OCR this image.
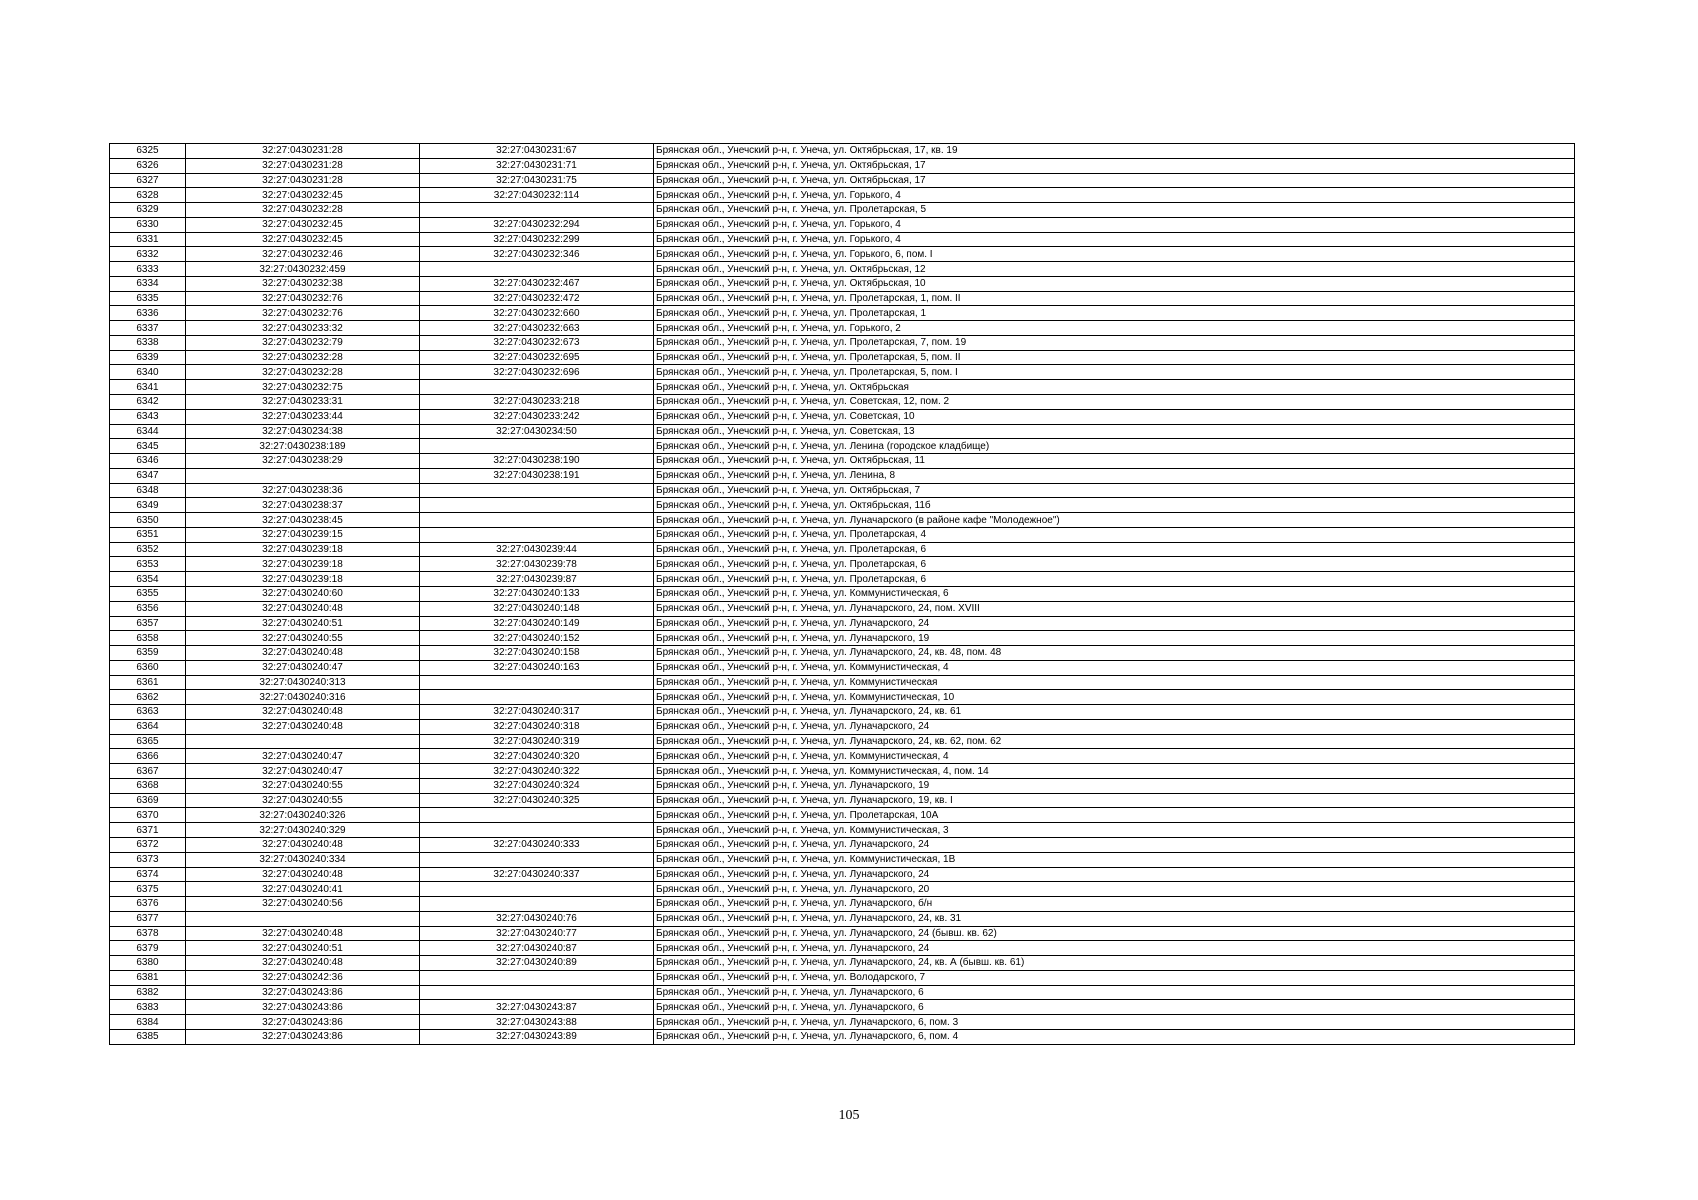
6325	32:27:0430231:28	32:27:0430231:67	Брянская обл., Унечский р-н, г. Унеча, ул. Октябрьская, 17, кв. 19
6326	32:27:0430231:28	32:27:0430231:71	Брянская обл., Унечский р-н, г. Унеча, ул. Октябрьская, 17
6327	32:27:0430231:28	32:27:0430231:75	Брянская обл., Унечский р-н, г. Унеча, ул. Октябрьская, 17
6328	32:27:0430232:45	32:27:0430232:114	Брянская обл., Унечский р-н, г. Унеча, ул. Горького, 4
6329	32:27:0430232:28		Брянская обл., Унечский р-н, г. Унеча, ул. Пролетарская, 5
6330	32:27:0430232:45	32:27:0430232:294	Брянская обл., Унечский р-н, г. Унеча, ул. Горького, 4
6331	32:27:0430232:45	32:27:0430232:299	Брянская обл., Унечский р-н, г. Унеча, ул. Горького, 4
6332	32:27:0430232:46	32:27:0430232:346	Брянская обл., Унечский р-н, г. Унеча, ул. Горького, 6, пом. I
6333	32:27:0430232:459		Брянская обл., Унечский р-н, г. Унеча, ул. Октябрьская, 12
6334	32:27:0430232:38	32:27:0430232:467	Брянская обл., Унечский р-н, г. Унеча, ул. Октябрьская, 10
6335	32:27:0430232:76	32:27:0430232:472	Брянская обл., Унечский р-н, г. Унеча, ул. Пролетарская, 1, пом. II
6336	32:27:0430232:76	32:27:0430232:660	Брянская обл., Унечский р-н, г. Унеча, ул. Пролетарская, 1
6337	32:27:0430233:32	32:27:0430232:663	Брянская обл., Унечский р-н, г. Унеча, ул. Горького, 2
6338	32:27:0430232:79	32:27:0430232:673	Брянская обл., Унечский р-н, г. Унеча, ул. Пролетарская, 7, пом. 19
6339	32:27:0430232:28	32:27:0430232:695	Брянская обл., Унечский р-н, г. Унеча, ул. Пролетарская, 5, пом. II
6340	32:27:0430232:28	32:27:0430232:696	Брянская обл., Унечский р-н, г. Унеча, ул. Пролетарская, 5, пом. I
6341	32:27:0430232:75		Брянская обл., Унечский р-н, г. Унеча, ул. Октябрьская
6342	32:27:0430233:31	32:27:0430233:218	Брянская обл., Унечский р-н, г. Унеча, ул. Советская, 12, пом. 2
6343	32:27:0430233:44	32:27:0430233:242	Брянская обл., Унечский р-н, г. Унеча, ул. Советская, 10
6344	32:27:0430234:38	32:27:0430234:50	Брянская обл., Унечский р-н, г. Унеча, ул. Советская, 13
6345	32:27:0430238:189		Брянская обл., Унечский р-н, г. Унеча, ул. Ленина (городское кладбище)
6346	32:27:0430238:29	32:27:0430238:190	Брянская обл., Унечский р-н, г. Унеча, ул. Октябрьская, 11
6347		32:27:0430238:191	Брянская обл., Унечский р-н, г. Унеча, ул. Ленина, 8
6348	32:27:0430238:36		Брянская обл., Унечский р-н, г. Унеча, ул. Октябрьская, 7
6349	32:27:0430238:37		Брянская обл., Унечский р-н, г. Унеча, ул. Октябрьская, 11б
6350	32:27:0430238:45		Брянская обл., Унечский р-н, г. Унеча, ул. Луначарского (в районе кафе "Молодежное")
6351	32:27:0430239:15		Брянская обл., Унечский р-н, г. Унеча, ул. Пролетарская, 4
6352	32:27:0430239:18	32:27:0430239:44	Брянская обл., Унечский р-н, г. Унеча, ул. Пролетарская, 6
6353	32:27:0430239:18	32:27:0430239:78	Брянская обл., Унечский р-н, г. Унеча, ул. Пролетарская, 6
6354	32:27:0430239:18	32:27:0430239:87	Брянская обл., Унечский р-н, г. Унеча, ул. Пролетарская, 6
6355	32:27:0430240:60	32:27:0430240:133	Брянская обл., Унечский р-н, г. Унеча, ул. Коммунистическая, 6
6356	32:27:0430240:48	32:27:0430240:148	Брянская обл., Унечский р-н, г. Унеча, ул. Луначарского, 24, пом. XVIII
6357	32:27:0430240:51	32:27:0430240:149	Брянская обл., Унечский р-н, г. Унеча, ул. Луначарского, 24
6358	32:27:0430240:55	32:27:0430240:152	Брянская обл., Унечский р-н, г. Унеча, ул. Луначарского, 19
6359	32:27:0430240:48	32:27:0430240:158	Брянская обл., Унечский р-н, г. Унеча, ул. Луначарского, 24, кв. 48, пом. 48
6360	32:27:0430240:47	32:27:0430240:163	Брянская обл., Унечский р-н, г. Унеча, ул. Коммунистическая, 4
6361	32:27:0430240:313		Брянская обл., Унечский р-н, г. Унеча, ул. Коммунистическая
6362	32:27:0430240:316		Брянская обл., Унечский р-н, г. Унеча, ул. Коммунистическая, 10
6363	32:27:0430240:48	32:27:0430240:317	Брянская обл., Унечский р-н, г. Унеча, ул. Луначарского, 24, кв. 61
6364	32:27:0430240:48	32:27:0430240:318	Брянская обл., Унечский р-н, г. Унеча, ул. Луначарского, 24
6365		32:27:0430240:319	Брянская обл., Унечский р-н, г. Унеча, ул. Луначарского, 24, кв. 62, пом. 62
6366	32:27:0430240:47	32:27:0430240:320	Брянская обл., Унечский р-н, г. Унеча, ул. Коммунистическая, 4
6367	32:27:0430240:47	32:27:0430240:322	Брянская обл., Унечский р-н, г. Унеча, ул. Коммунистическая, 4, пом. 14
6368	32:27:0430240:55	32:27:0430240:324	Брянская обл., Унечский р-н, г. Унеча, ул. Луначарского, 19
6369	32:27:0430240:55	32:27:0430240:325	Брянская обл., Унечский р-н, г. Унеча, ул. Луначарского, 19, кв. I
6370	32:27:0430240:326		Брянская обл., Унечский р-н, г. Унеча, ул. Пролетарская, 10А
6371	32:27:0430240:329		Брянская обл., Унечский р-н, г. Унеча, ул. Коммунистическая, 3
6372	32:27:0430240:48	32:27:0430240:333	Брянская обл., Унечский р-н, г. Унеча, ул. Луначарского, 24
6373	32:27:0430240:334		Брянская обл., Унечский р-н, г. Унеча, ул. Коммунистическая, 1В
6374	32:27:0430240:48	32:27:0430240:337	Брянская обл., Унечский р-н, г. Унеча, ул. Луначарского, 24
6375	32:27:0430240:41		Брянская обл., Унечский р-н, г. Унеча, ул. Луначарского, 20
6376	32:27:0430240:56		Брянская обл., Унечский р-н, г. Унеча, ул. Луначарского, б/н
6377		32:27:0430240:76	Брянская обл., Унечский р-н, г. Унеча, ул. Луначарского, 24, кв. 31
6378	32:27:0430240:48	32:27:0430240:77	Брянская обл., Унечский р-н, г. Унеча, ул. Луначарского, 24 (бывш. кв. 62)
6379	32:27:0430240:51	32:27:0430240:87	Брянская обл., Унечский р-н, г. Унеча, ул. Луначарского, 24
6380	32:27:0430240:48	32:27:0430240:89	Брянская обл., Унечский р-н, г. Унеча, ул. Луначарского, 24, кв. А (бывш. кв. 61)
6381	32:27:0430242:36		Брянская обл., Унечский р-н, г. Унеча, ул. Володарского, 7
6382	32:27:0430243:86		Брянская обл., Унечский р-н, г. Унеча, ул. Луначарского, 6
6383	32:27:0430243:86	32:27:0430243:87	Брянская обл., Унечский р-н, г. Унеча, ул. Луначарского, 6
6384	32:27:0430243:86	32:27:0430243:88	Брянская обл., Унечский р-н, г. Унеча, ул. Луначарского, 6, пом. 3
6385	32:27:0430243:86	32:27:0430243:89	Брянская обл., Унечский р-н, г. Унеча, ул. Луначарского, 6, пом. 4
105
